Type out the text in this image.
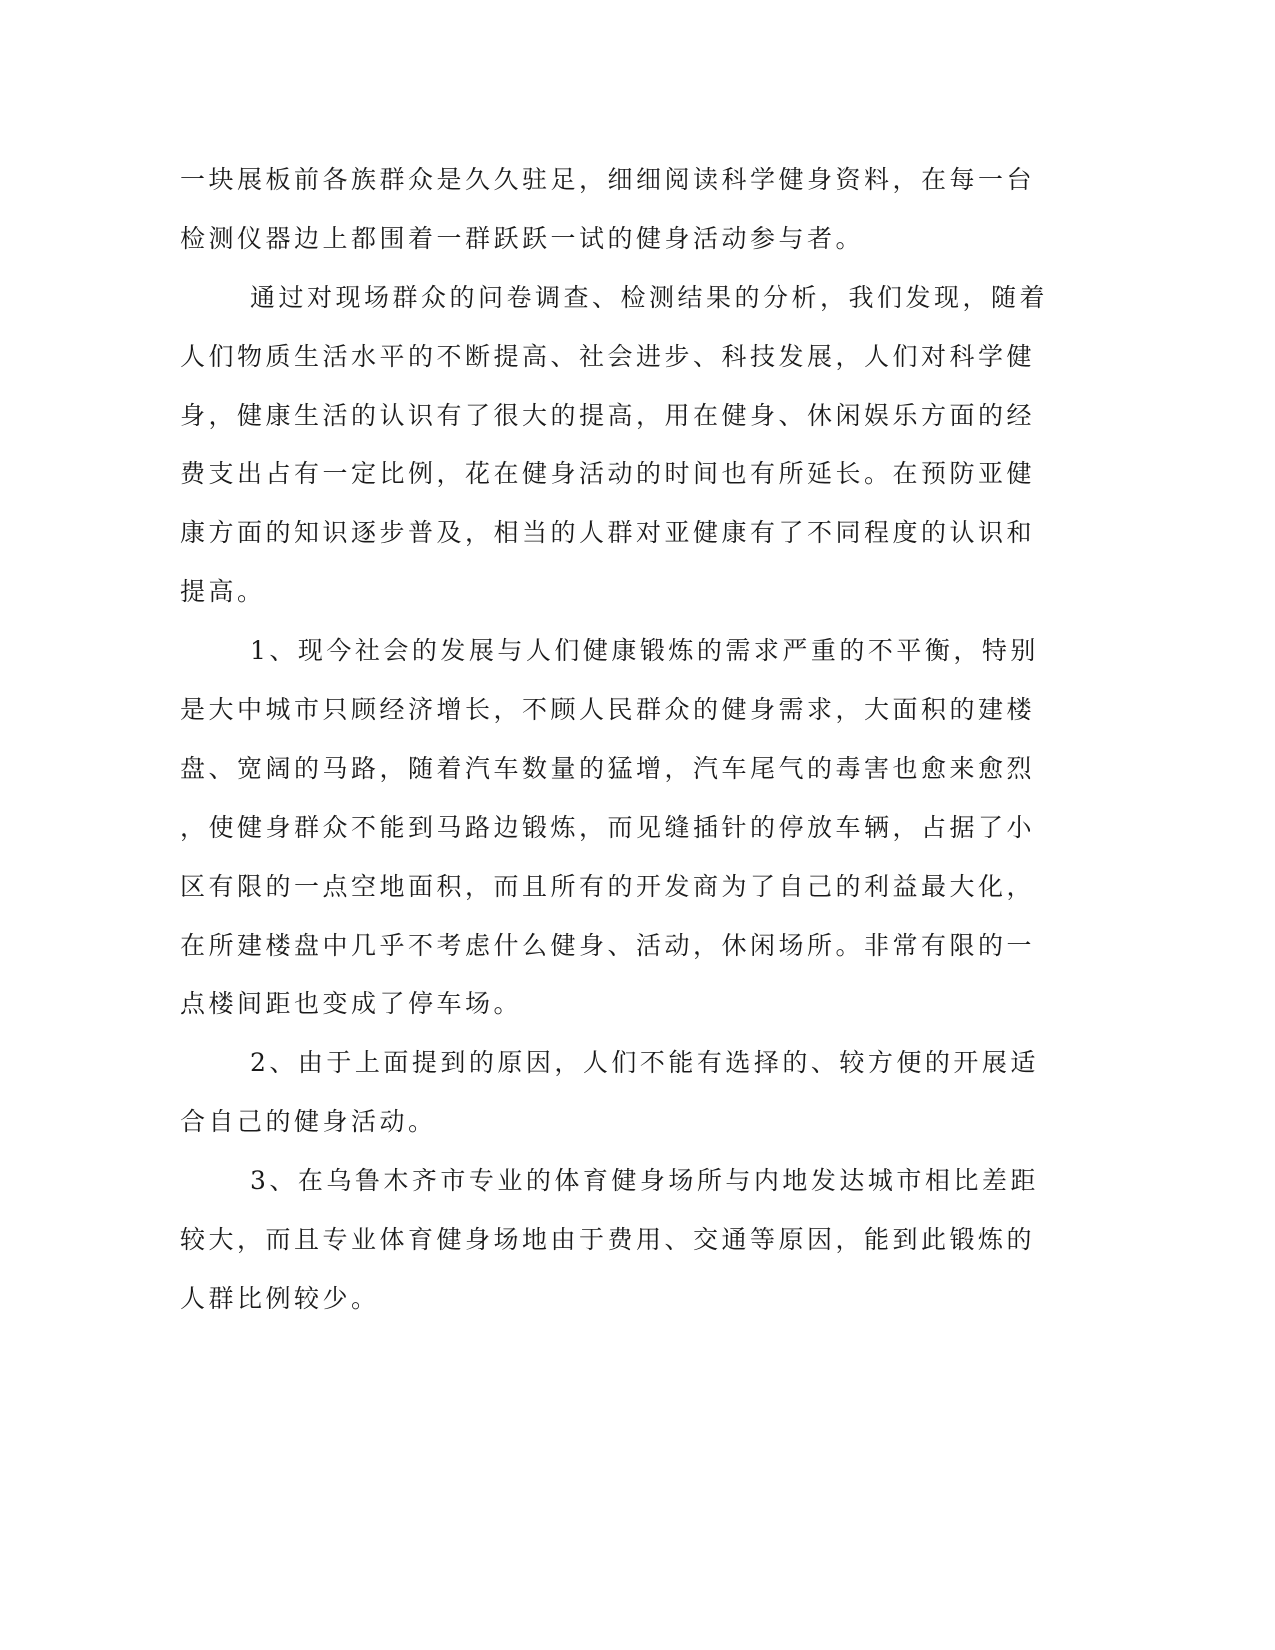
一块展板前各族群众是久久驻足，细细阅读科学健身资料，在每一台

检测仪器边上都围着一群跃跃一试的健身活动参与者。

通过对现场群众的问卷调查、检测结果的分析，我们发现，随着

人们物质生活水平的不断提高、社会进步、科技发展，人们对科学健

身，健康生活的认识有了很大的提高，用在健身、休闲娱乐方面的经

费支出占有一定比例，花在健身活动的时间也有所延长。在预防亚健

康方面的知识逐步普及，相当的人群对亚健康有了不同程度的认识和

提高。

1、现今社会的发展与人们健康锻炼的需求严重的不平衡，特别

是大中城市只顾经济增长，不顾人民群众的健身需求，大面积的建楼

盘、宽阔的马路，随着汽车数量的猛增，汽车尾气的毒害也愈来愈烈

，使健身群众不能到马路边锻炼，而见缝插针的停放车辆，占据了小

区有限的一点空地面积，而且所有的开发商为了自己的利益最大化，

在所建楼盘中几乎不考虑什么健身、活动，休闲场所。非常有限的一

点楼间距也变成了停车场。

2、由于上面提到的原因，人们不能有选择的、较方便的开展适

合自己的健身活动。

3、在乌鲁木齐市专业的体育健身场所与内地发达城市相比差距

较大，而且专业体育健身场地由于费用、交通等原因，能到此锻炼的

人群比例较少。
